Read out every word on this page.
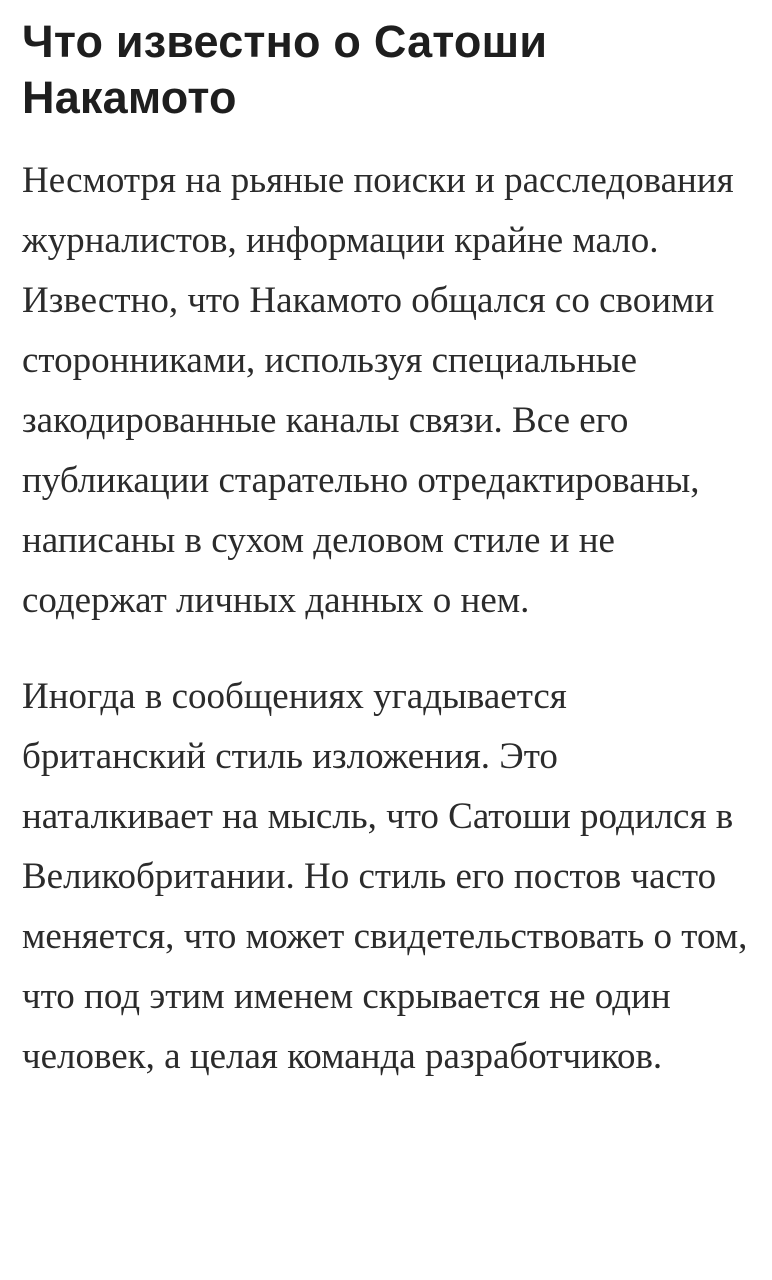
Что известно о Сатоши Накамото

Несмотря на рьяные поиски и расследования журналистов, информации крайне мало. Известно, что Накамото общался со своими сторонниками, используя специальные закодированные каналы связи. Все его публикации старательно отредактированы, написаны в сухом деловом стиле и не содержат личных данных о нем.

Иногда в сообщениях угадывается британский стиль изложения. Это наталкивает на мысль, что Сатоши родился в Великобритании. Но стиль его постов часто меняется, что может свидетельствовать о том, что под этим именем скрывается не один человек, а целая команда разработчиков.
